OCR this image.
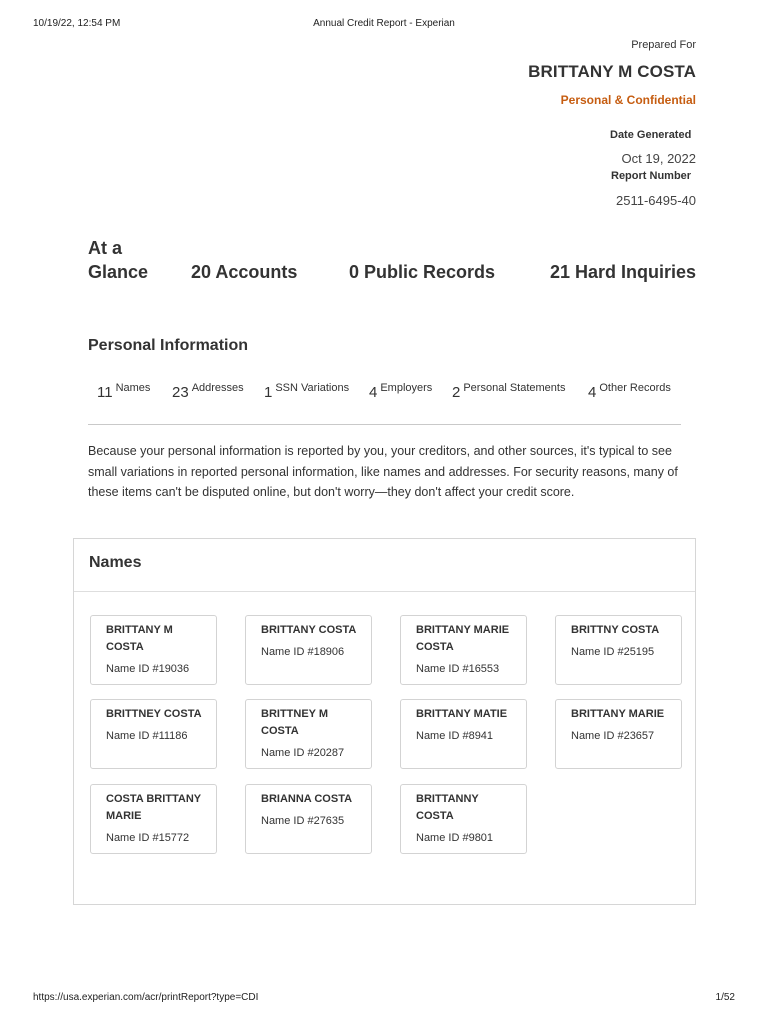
10/19/22, 12:54 PM	Annual Credit Report - Experian
Prepared For
BRITTANY M COSTA
Personal & Confidential
Date Generated
Oct 19, 2022
Report Number
2511-6495-40
At a Glance	20 Accounts	0 Public Records	21 Hard Inquiries
Personal Information
11 Names 23 Addresses 1 SSN Variations 4 Employers 2 Personal Statements 4 Other Records
Because your personal information is reported by you, your creditors, and other sources, it's typical to see small variations in reported personal information, like names and addresses. For security reasons, many of these items can't be disputed online, but don't worry—they don't affect your credit score.
Names
BRITTANY M COSTA
Name ID #19036
BRITTANY COSTA
Name ID #18906
BRITTANY MARIE COSTA
Name ID #16553
BRITTNY COSTA
Name ID #25195
BRITTNEY COSTA
Name ID #11186
BRITTNEY M COSTA
Name ID #20287
BRITTANY MATIE
Name ID #8941
BRITTANY MARIE
Name ID #23657
COSTA BRITTANY MARIE
Name ID #15772
BRIANNA COSTA
Name ID #27635
BRITTANNY COSTA
Name ID #9801
https://usa.experian.com/acr/printReport?type=CDI	1/52
